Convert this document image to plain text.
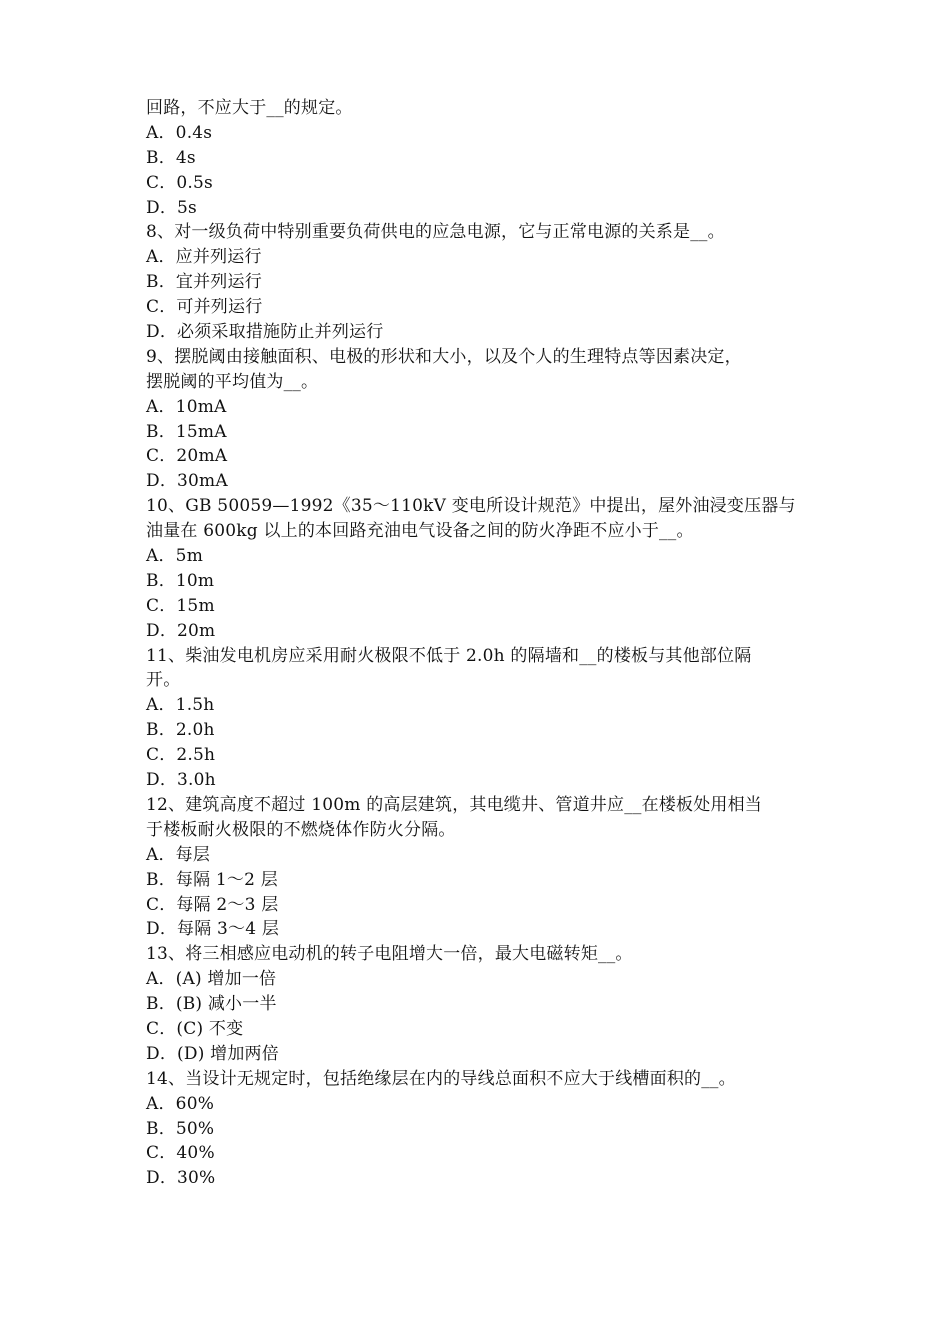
回路，不应大于__的规定。
A．0.4s
B．4s
C．0.5s
D．5s
8、对一级负荷中特别重要负荷供电的应急电源，它与正常电源的关系是__。
A．应并列运行
B．宜并列运行
C．可并列运行
D．必须采取措施防止并列运行
9、摆脱阈由接触面积、电极的形状和大小，以及个人的生理特点等因素决定，
摆脱阈的平均值为__。
A．10mA
B．15mA
C．20mA
D．30mA
10、GB 50059—1992《35～110kV 变电所设计规范》中提出，屋外油浸变压器与
油量在 600kg 以上的本回路充油电气设备之间的防火净距不应小于__。
A．5m
B．10m
C．15m
D．20m
11、柴油发电机房应采用耐火极限不低于 2.0h 的隔墙和__的楼板与其他部位隔
开。
A．1.5h
B．2.0h
C．2.5h
D．3.0h
12、建筑高度不超过 100m 的高层建筑，其电缆井、管道井应__在楼板处用相当
于楼板耐火极限的不燃烧体作防火分隔。
A．每层
B．每隔 1～2 层
C．每隔 2～3 层
D．每隔 3～4 层
13、将三相感应电动机的转子电阻增大一倍，最大电磁转矩__。
A．(A) 增加一倍
B．(B) 减小一半
C．(C) 不变
D．(D) 增加两倍
14、当设计无规定时，包括绝缘层在内的导线总面积不应大于线槽面积的__。
A．60%
B．50%
C．40%
D．30%
